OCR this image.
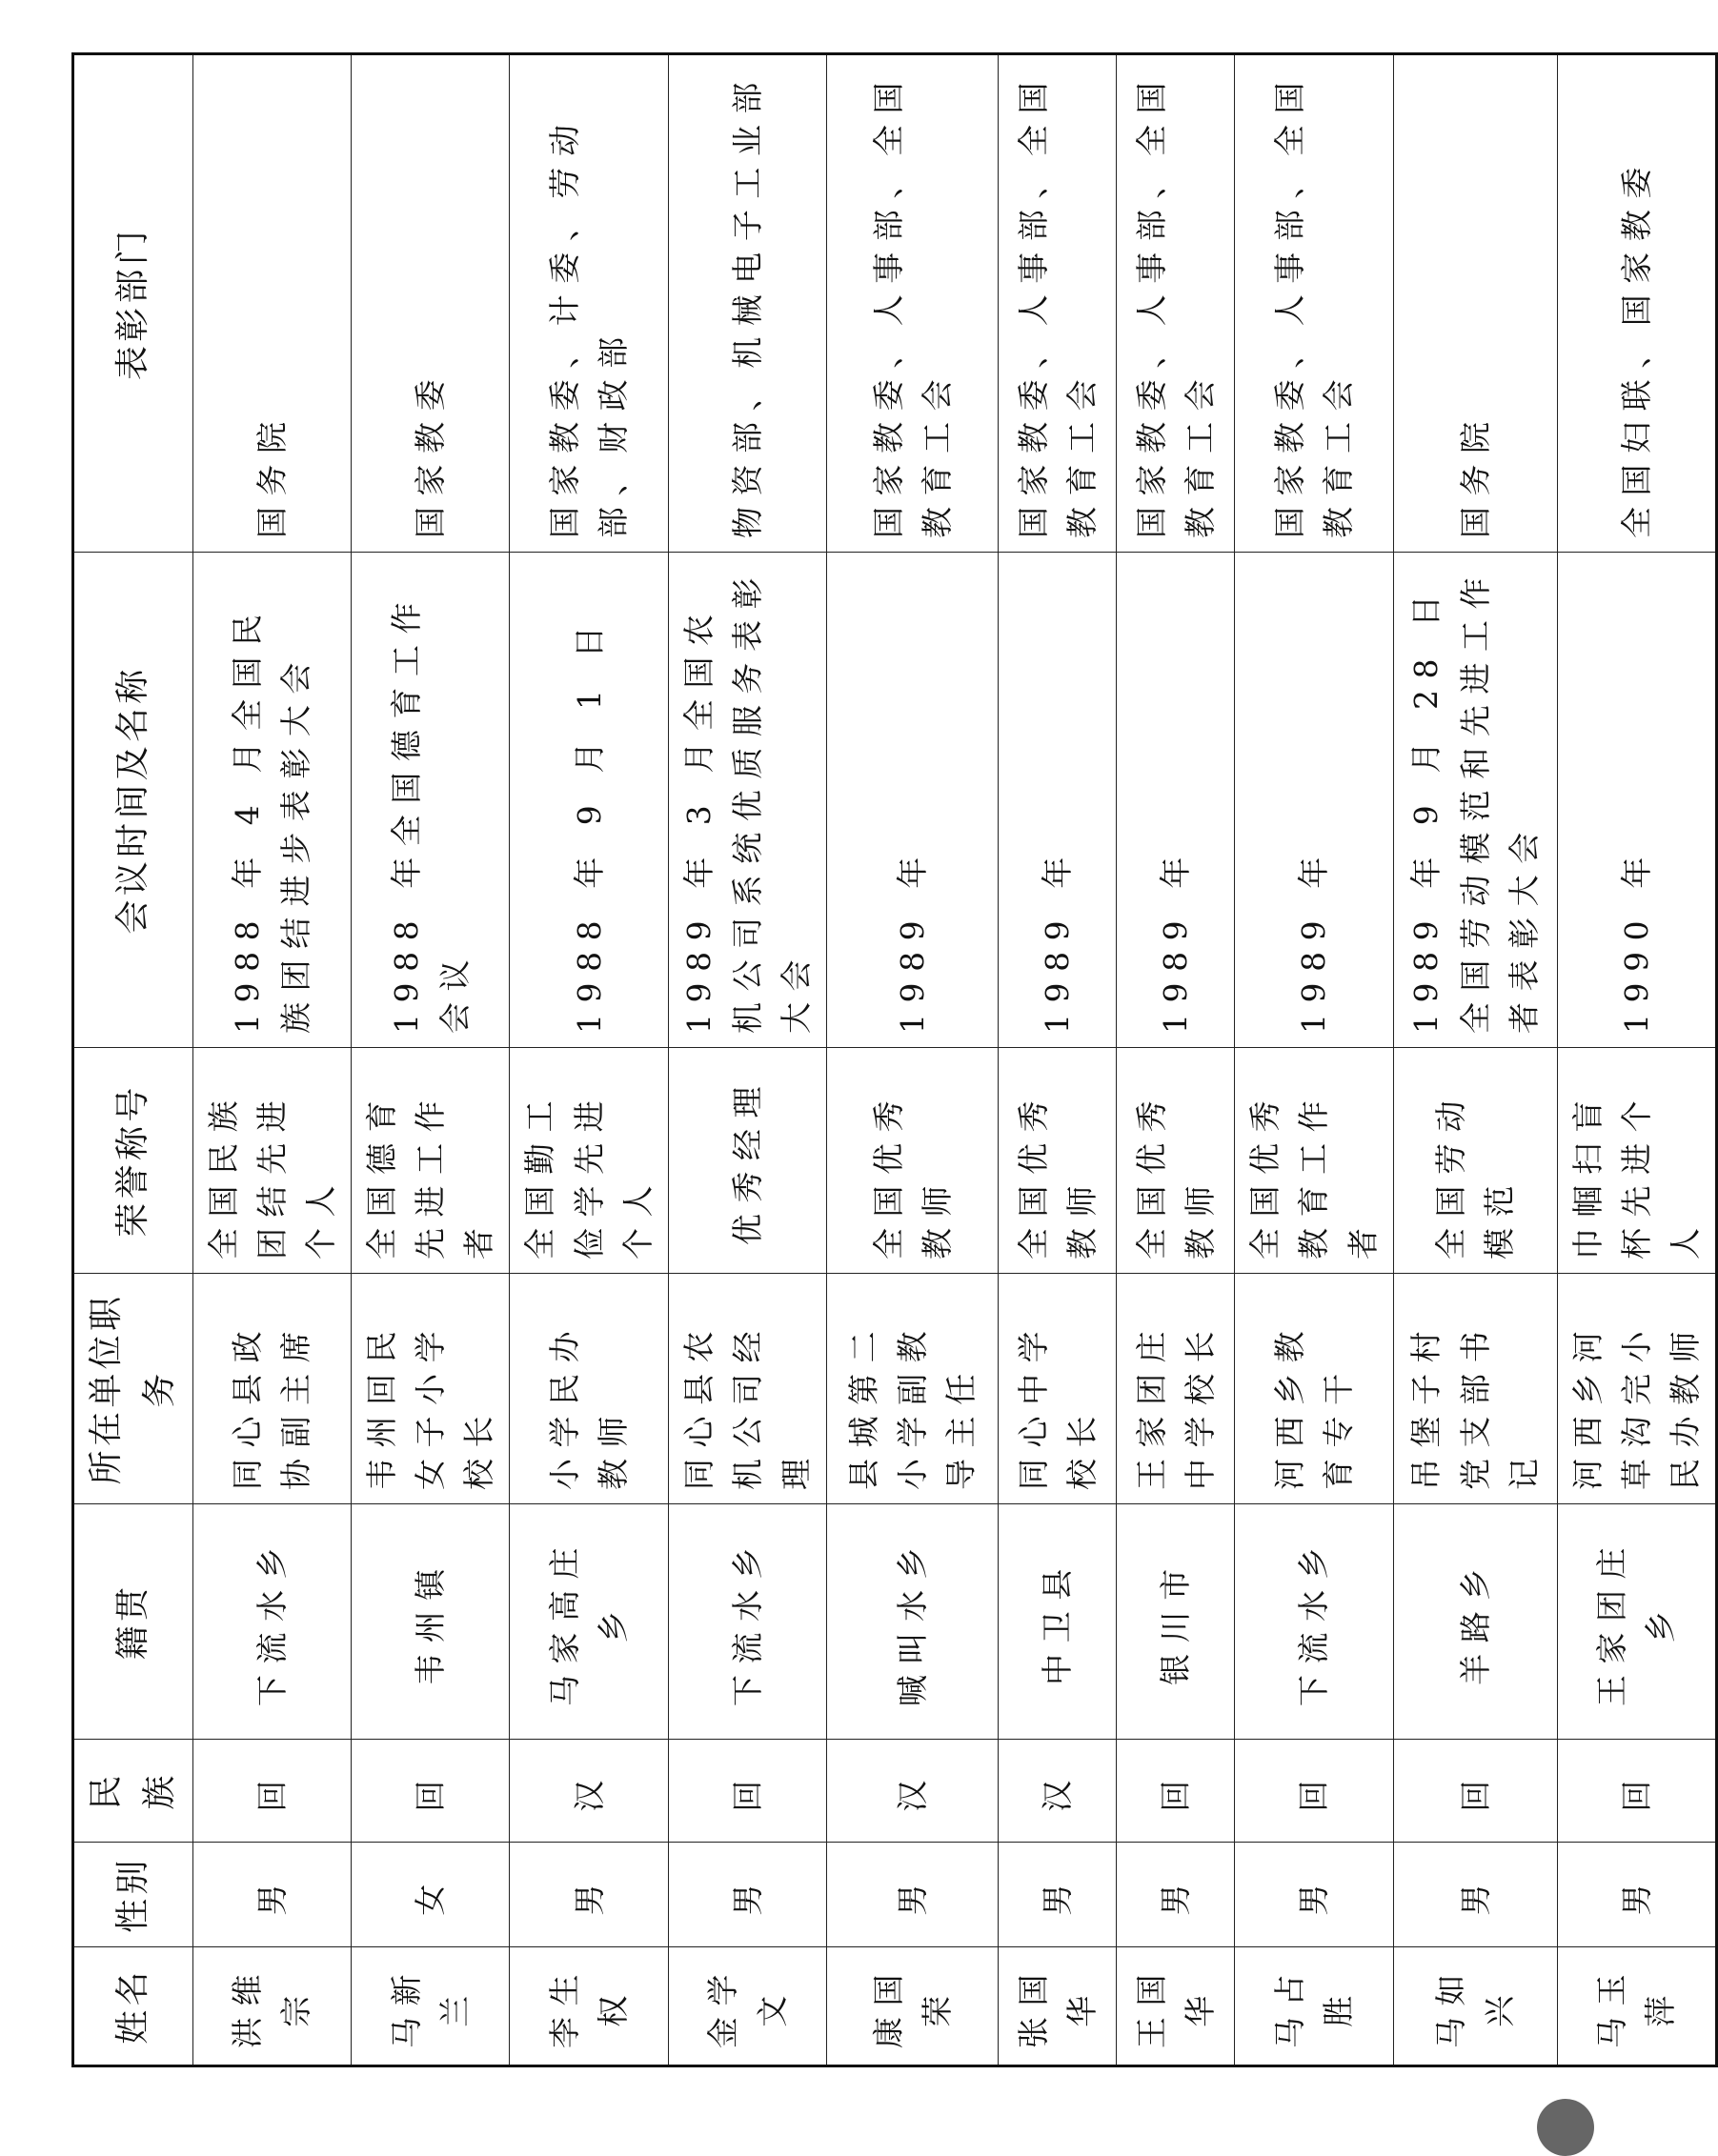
姓名	性别	民族	籍贯	所在单位职务	荣誉称号	会议时间及名称	表彰部门
洪维宗	男	回	下流水乡	同心县政协副主席	全国民族团结先进个人	1988 年 4 月全国民族团结进步表彰大会	国务院
马新兰	女	回	韦州镇	韦州回民女子小学校长	全国德育先进工作者	1988 年全国德育工作会议	国家教委
李生权	男	汉	马家高庄乡	小学民办教师	全国勤工俭学先进个人	1988 年 9 月 1 日	国家教委、计委、劳动部、财政部
金学文	男	回	下流水乡	同心县农机公司经理	优秀经理	1989 年 3 月全国农机公司系统优质服务表彰大会	物资部、机械电子工业部
康国荣	男	汉	喊叫水乡	县城第二小学副教导主任	全国优秀教师	1989 年	国家教委、人事部、全国教育工会
张国华	男	汉	中卫县	同心中学校长	全国优秀教师	1989 年	国家教委、人事部、全国教育工会
王国华	男	回	银川市	王家团庄中学校长	全国优秀教师	1989 年	国家教委、人事部、全国教育工会
马占胜	男	回	下流水乡	河西乡教育专干	全国优秀教育工作者	1989 年	国家教委、人事部、全国教育工会
马如兴	男	回	羊路乡	吊堡子村党支部书记	全国劳动模范	1989 年 9 月 28 日全国劳动模范和先进工作者表彰大会	国务院
马玉萍	男	回	王家团庄乡	河西乡河草沟完小民办教师	巾帼扫盲杯先进个人	1990 年	全国妇联、国家教委
